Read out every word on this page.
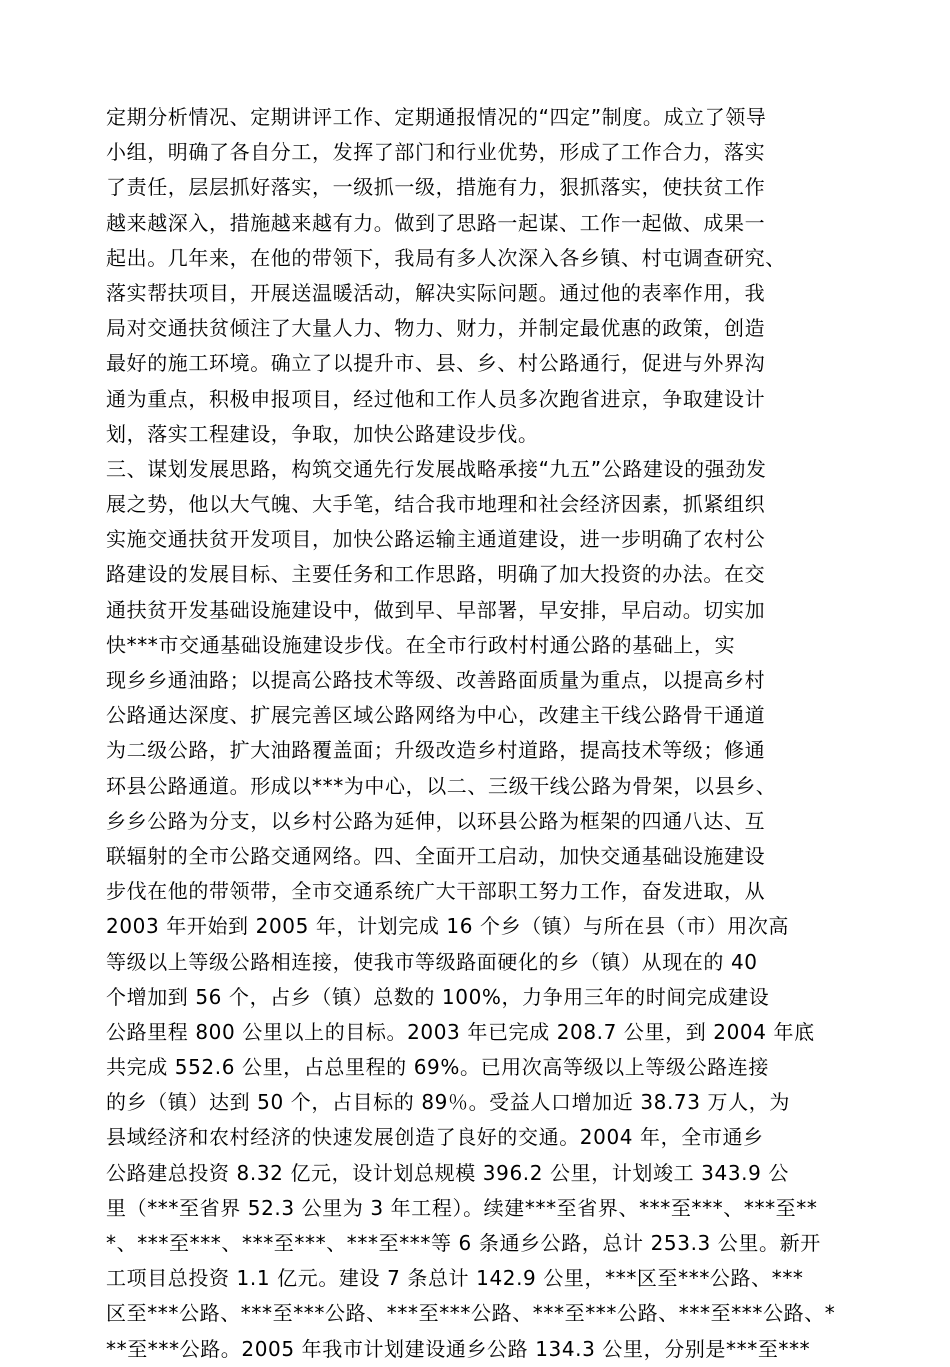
定期分析情况、定期讲评工作、定期通报情况的“四定”制度。成立了领导
小组，明确了各自分工，发挥了部门和行业优势，形成了工作合力，落实
了责任，层层抓好落实，一级抓一级，措施有力，狠抓落实，使扶贫工作
越来越深入，措施越来越有力。做到了思路一起谋、工作一起做、成果一
起出。几年来，在他的带领下，我局有多人次深入各乡镇、村屯调查研究、
落实帮扶项目，开展送温暖活动，解决实际问题。通过他的表率作用，我
局对交通扶贫倾注了大量人力、物力、财力，并制定最优惠的政策，创造
最好的施工环境。确立了以提升市、县、乡、村公路通行，促进与外界沟
通为重点，积极申报项目，经过他和工作人员多次跑省进京，争取建设计
划，落实工程建设，争取，加快公路建设步伐。
三、谋划发展思路，构筑交通先行发展战略承接“九五”公路建设的强劲发
展之势，他以大气魄、大手笔，结合我市地理和社会经济因素，抓紧组织
实施交通扶贫开发项目，加快公路运输主通道建设，进一步明确了农村公
路建设的发展目标、主要任务和工作思路，明确了加大投资的办法。在交
通扶贫开发基础设施建设中，做到早、早部署，早安排，早启动。切实加
快***市交通基础设施建设步伐。在全市行政村村通公路的基础上，实
现乡乡通油路；以提高公路技术等级、改善路面质量为重点，以提高乡村
公路通达深度、扩展完善区域公路网络为中心，改建主干线公路骨干通道
为二级公路，扩大油路覆盖面；升级改造乡村道路，提高技术等级；修通
环县公路通道。形成以***为中心，以二、三级干线公路为骨架，以县乡、
乡乡公路为分支，以乡村公路为延伸，以环县公路为框架的四通八达、互
联辐射的全市公路交通网络。四、全面开工启动，加快交通基础设施建设
步伐在他的带领带，全市交通系统广大干部职工努力工作，奋发进取，从
2003 年开始到 2005 年，计划完成 16 个乡（镇）与所在县（市）用次高
等级以上等级公路相连接，使我市等级路面硬化的乡（镇）从现在的 40
个增加到 56 个，占乡（镇）总数的 100%，力争用三年的时间完成建设
公路里程 800 公里以上的目标。2003 年已完成 208.7 公里，到 2004 年底
共完成 552.6 公里，占总里程的 69%。已用次高等级以上等级公路连接
的乡（镇）达到 50 个，占目标的 89％。受益人口增加近 38.73 万人，为
县域经济和农村经济的快速发展创造了良好的交通。2004 年，全市通乡
公路建总投资 8.32 亿元，设计划总规模 396.2 公里，计划竣工 343.9 公
里（***至省界 52.3 公里为 3 年工程）。续建***至省界、***至***、***至**
*、***至***、***至***、***至***等 6 条通乡公路，总计 253.3 公里。新开
工项目总投资 1.1 亿元。建设 7 条总计 142.9 公里，***区至***公路、***
区至***公路、***至***公路、***至***公路、***至***公路、***至***公路、*
**至***公路。2005 年我市计划建设通乡公路 134.3 公里，分别是***至***
